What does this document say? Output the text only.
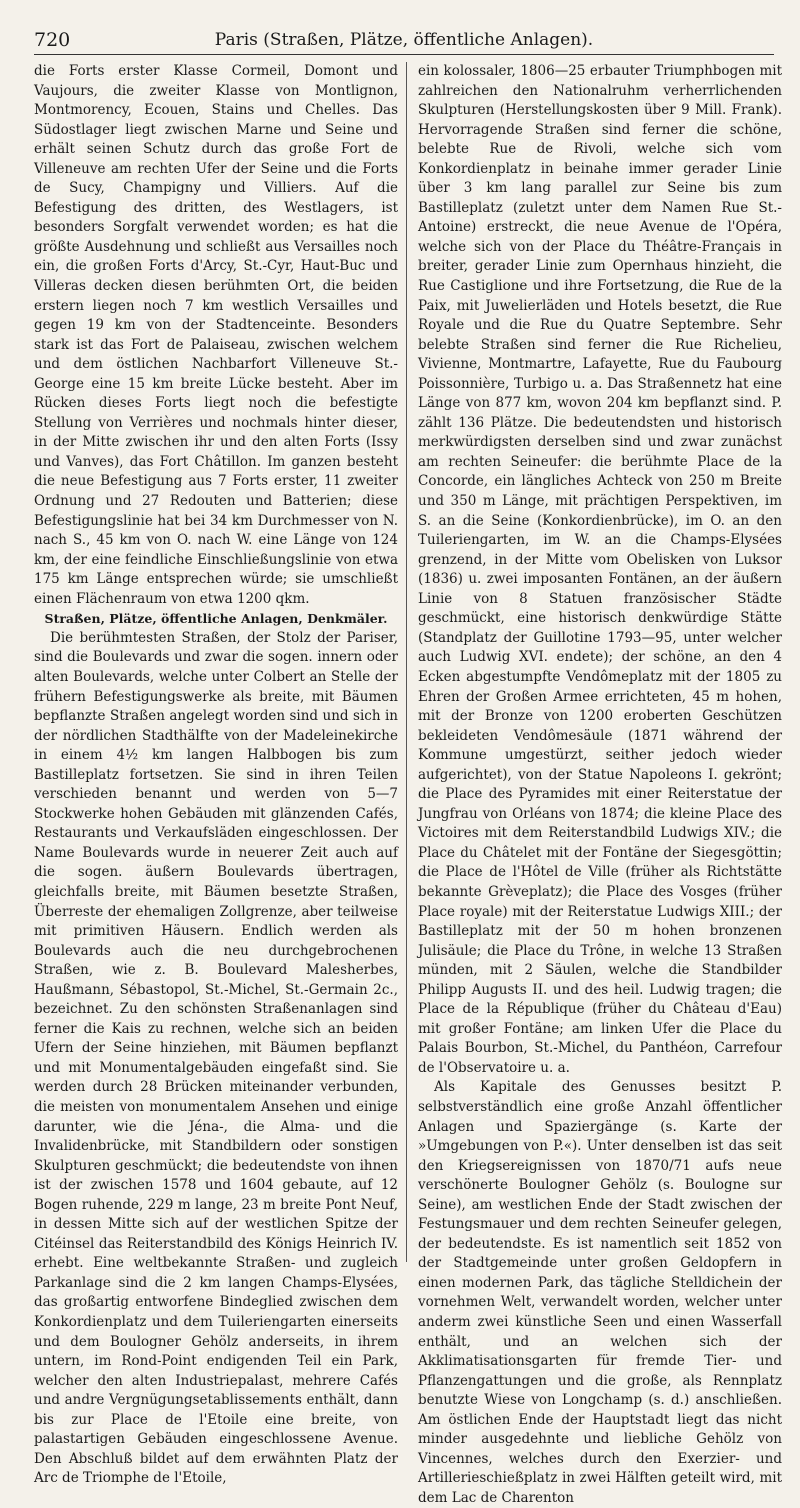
720	Paris (Straßen, Plätze, öffentliche Anlagen).

die Forts erster Klasse Cormeil, Domont und Vaujours, die zweiter Klasse von Montlignon, Montmorency, Ecouen, Stains und Chelles. Das Südostlager liegt zwischen Marne und Seine und erhält seinen Schutz durch das große Fort de Villeneuve am rechten Ufer der Seine und die Forts de Sucy, Champigny und Villiers. Auf die Befestigung des dritten, des Westlagers, ist besonders Sorgfalt verwendet worden; es hat die größte Ausdehnung und schließt aus Versailles noch ein, die großen Forts d'Arcy, St.-Cyr, Haut-Buc und Villeras decken diesen berühmten Ort, die beiden erstern liegen noch 7 km westlich Versailles und gegen 19 km von der Stadtenceinte. Besonders stark ist das Fort de Palaiseau, zwischen welchem und dem östlichen Nachbarfort Villeneuve St.-George eine 15 km breite Lücke besteht. Aber im Rücken dieses Forts liegt noch die befestigte Stellung von Verrières und nochmals hinter dieser, in der Mitte zwischen ihr und den alten Forts (Issy und Vanves), das Fort Châtillon. Im ganzen besteht die neue Befestigung aus 7 Forts erster, 11 zweiter Ordnung und 27 Redouten und Batterien; diese Befestigungslinie hat bei 34 km Durchmesser von N. nach S., 45 km von O. nach W. eine Länge von 124 km, der eine feindliche Einschließungslinie von etwa 175 km Länge entsprechen würde; sie umschließt einen Flächenraum von etwa 1200 qkm.

Straßen, Plätze, öffentliche Anlagen, Denkmäler.

Die berühmtesten Straßen, der Stolz der Pariser, sind die Boulevards und zwar die sogen. innern oder alten Boulevards, welche unter Colbert an Stelle der frühern Befestigungswerke als breite, mit Bäumen bepflanzte Straßen angelegt worden sind und sich in der nördlichen Stadthälfte von der Madeleinekirche in einem 4½ km langen Halbbogen bis zum Bastilleplatz fortsetzen. Sie sind in ihren Teilen verschieden benannt und werden von 5—7 Stockwerke hohen Gebäuden mit glänzenden Cafés, Restaurants und Verkaufsläden eingeschlossen. Der Name Boulevards wurde in neuerer Zeit auch auf die sogen. äußern Boulevards übertragen, gleichfalls breite, mit Bäumen besetzte Straßen, Überreste der ehemaligen Zollgrenze, aber teilweise mit primitiven Häusern. Endlich werden als Boulevards auch die neu durchgebrochenen Straßen, wie z. B. Boulevard Malesherbes, Haußmann, Sébastopol, St.-Michel, St.-Germain 2c., bezeichnet. Zu den schönsten Straßenanlagen sind ferner die Kais zu rechnen, welche sich an beiden Ufern der Seine hinziehen, mit Bäumen bepflanzt und mit Monumentalgebäuden eingefaßt sind. Sie werden durch 28 Brücken miteinander verbunden, die meisten von monumentalem Ansehen und einige darunter, wie die Jéna-, die Alma- und die Invalidenbrücke, mit Standbildern oder sonstigen Skulpturen geschmückt; die bedeutendste von ihnen ist der zwischen 1578 und 1604 gebaute, auf 12 Bogen ruhende, 229 m lange, 23 m breite Pont Neuf, in dessen Mitte sich auf der westlichen Spitze der Citéinsel das Reiterstandbild des Königs Heinrich IV. erhebt. Eine weltbekannte Straßen- und zugleich Parkanlage sind die 2 km langen Champs-Elysées, das großartig entworfene Bindeglied zwischen dem Konkordienplatz und dem Tuileriengarten einerseits und dem Boulogner Gehölz anderseits, in ihrem untern, im Rond-Point endigenden Teil ein Park, welcher den alten Industriepalast, mehrere Cafés und andre Vergnügungsetablissements enthält, dann bis zur Place de l'Etoile eine breite, von palastartigen Gebäuden eingeschlossene Avenue. Den Abschluß bildet auf dem erwähnten Platz der Arc de Triomphe de l'Etoile,

ein kolossaler, 1806—25 erbauter Triumphbogen mit zahlreichen den Nationalruhm verherrlichenden Skulpturen (Herstellungskosten über 9 Mill. Frank). Hervorragende Straßen sind ferner die schöne, belebte Rue de Rivoli, welche sich vom Konkordienplatz in beinahe immer gerader Linie über 3 km lang parallel zur Seine bis zum Bastilleplatz (zuletzt unter dem Namen Rue St.-Antoine) erstreckt, die neue Avenue de l'Opéra, welche sich von der Place du Théâtre-Français in breiter, gerader Linie zum Opernhaus hinzieht, die Rue Castiglione und ihre Fortsetzung, die Rue de la Paix, mit Juwelierläden und Hotels besetzt, die Rue Royale und die Rue du Quatre Septembre. Sehr belebte Straßen sind ferner die Rue Richelieu, Vivienne, Montmartre, Lafayette, Rue du Faubourg Poissonnière, Turbigo u. a. Das Straßennetz hat eine Länge von 877 km, wovon 204 km bepflanzt sind. P. zählt 136 Plätze. Die bedeutendsten und historisch merkwürdigsten derselben sind und zwar zunächst am rechten Seineufer: die berühmte Place de la Concorde, ein längliches Achteck von 250 m Breite und 350 m Länge, mit prächtigen Perspektiven, im S. an die Seine (Konkordienbrücke), im O. an den Tuileriengarten, im W. an die Champs-Elysées grenzend, in der Mitte vom Obelisken von Luksor (1836) u. zwei imposanten Fontänen, an der äußern Linie von 8 Statuen französischer Städte geschmückt, eine historisch denkwürdige Stätte (Standplatz der Guillotine 1793—95, unter welcher auch Ludwig XVI. endete); der schöne, an den 4 Ecken abgestumpfte Vendômeplatz mit der 1805 zu Ehren der Großen Armee errichteten, 45 m hohen, mit der Bronze von 1200 eroberten Geschützen bekleideten Vendômesäule (1871 während der Kommune umgestürzt, seither jedoch wieder aufgerichtet), von der Statue Napoleons I. gekrönt; die Place des Pyramides mit einer Reiterstatue der Jungfrau von Orléans von 1874; die kleine Place des Victoires mit dem Reiterstandbild Ludwigs XIV.; die Place du Châtelet mit der Fontäne der Siegesgöttin; die Place de l'Hôtel de Ville (früher als Richtstätte bekannte Grèveplatz); die Place des Vosges (früher Place royale) mit der Reiterstatue Ludwigs XIII.; der Bastilleplatz mit der 50 m hohen bronzenen Julisäule; die Place du Trône, in welche 13 Straßen münden, mit 2 Säulen, welche die Standbilder Philipp Augusts II. und des heil. Ludwig tragen; die Place de la République (früher du Château d'Eau) mit großer Fontäne; am linken Ufer die Place du Palais Bourbon, St.-Michel, du Panthéon, Carrefour de l'Observatoire u. a.

Als Kapitale des Genusses besitzt P. selbstverständlich eine große Anzahl öffentlicher Anlagen und Spaziergänge (s. Karte der »Umgebungen von P.«). Unter denselben ist das seit den Kriegsereignissen von 1870/71 aufs neue verschönerte Boulogner Gehölz (s. Boulogne sur Seine), am westlichen Ende der Stadt zwischen der Festungsmauer und dem rechten Seineufer gelegen, der bedeutendste. Es ist namentlich seit 1852 von der Stadtgemeinde unter großen Geldopfern in einen modernen Park, das tägliche Stelldichein der vornehmen Welt, verwandelt worden, welcher unter anderm zwei künstliche Seen und einen Wasserfall enthält, und an welchen sich der Akklimatisationsgarten für fremde Tier- und Pflanzengattungen und die große, als Rennplatz benutzte Wiese von Longchamp (s. d.) anschließen. Am östlichen Ende der Hauptstadt liegt das nicht minder ausgedehnte und liebliche Gehölz von Vincennes, welches durch den Exerzier- und Artillerieschießplatz in zwei Hälften geteilt wird, mit dem Lac de Charenton
